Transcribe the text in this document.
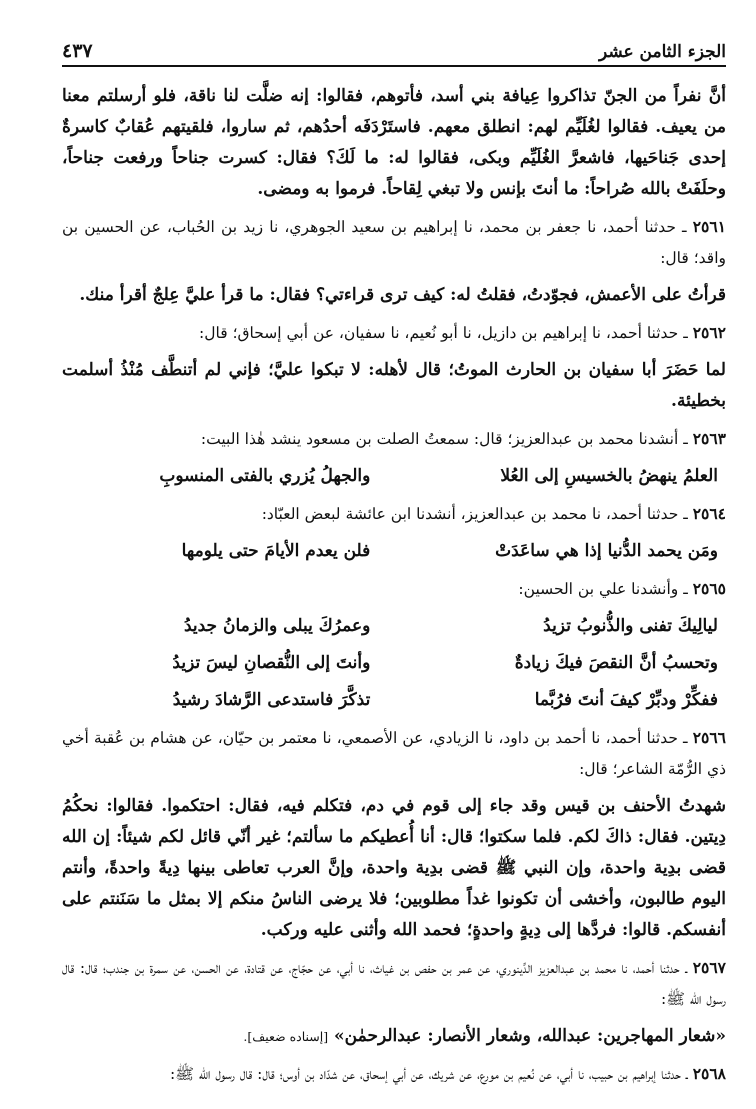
الجزء الثامن عشر
٤٣٧

أنَّ نفراً من الجنّ تذاكروا عِيافة بني أسد، فأتوهم، فقالوا: إنه ضلَّت لنا ناقة، فلو أرسلتم معنا من يعيف. فقالوا لغُلَيِّم لهم: انطلق معهم. فاستَرْدَفَه أحدُهم، ثم ساروا، فلقيتهم عُقابٌ كاسرةٌ إحدى جَناحَيها، فاشعرَّ الغُلَيِّم وبكى، فقالوا له: ما لَكَ؟ فقال: كسرت جناحاً ورفعت جناحاً، وحلَفَتْ بالله صُراحاً: ما أنتَ بإنس ولا تبغي لِقاحاً. فرموا به ومضى.

٢٥٦١ ـ حدثنا أحمد، نا جعفر بن محمد، نا إبراهيم بن سعيد الجوهري، نا زيد بن الحُباب، عن الحسين بن واقد؛ قال:

قرأتُ على الأعمش، فجوّدتُ، فقلتُ له: كيف ترى قراءتي؟ فقال: ما قرأ عليَّ عِلجٌ أقرأ منك.

٢٥٦٢ ـ حدثنا أحمد، نا إبراهيم بن دازيل، نا أبو نُعيم، نا سفيان، عن أبي إسحاق؛ قال:

لما حَضَرَ أبا سفيان بن الحارث الموتُ؛ قال لأهله: لا تبكوا عليَّ؛ فإني لم أتنطَّف مُنْذُ أسلمت بخطيئة.

٢٥٦٣ ـ أنشدنا محمد بن عبدالعزيز؛ قال: سمعتُ الصلت بن مسعود ينشد هٰذا البيت:

العلمُ ينهضُ بالخسيسِ إلى العُلا
والجهلُ يُزري بالفتى المنسوبِ

٢٥٦٤ ـ حدثنا أحمد، نا محمد بن عبدالعزيز، أنشدنا ابن عائشة لبعض العبّاد:

ومَن يحمد الدُّنيا إذا هي ساعَدَتْ
فلن يعدم الأيامَ حتى يلومها

٢٥٦٥ ـ وأنشدنا علي بن الحسين:

ليالِيكَ تفنى والذُّنوبُ تزيدُ
وعمرُكَ يبلى والزمانُ جديدُ
وتحسبُ أنَّ النقصَ فيكَ زيادةٌ
وأنتَ إلى النُّقصانِ ليسَ تزيدُ
ففكِّرْ ودبِّرْ كيفَ أنتَ فرُبَّما
تذكَّرَ فاستدعى الرَّشادَ رشيدُ

٢٥٦٦ ـ حدثنا أحمد، نا أحمد بن داود، نا الزيادي، عن الأصمعي، نا معتمر بن حيّان، عن هشام بن عُقبة أخي ذي الرُّمّة الشاعر؛ قال:

شهدتُ الأحنف بن قيس وقد جاء إلى قوم في دم، فتكلم فيه، فقال: احتكموا. فقالوا: نحكُمُ دِيتين. فقال: ذاكَ لكم. فلما سكتوا؛ قال: أنا أُعطيكم ما سألتم؛ غير أنّي قائل لكم شيئاً: إن الله قضى بدِية واحدة، وإن النبي ﷺ قضى بدِية واحدة، وإنَّ العرب تعاطى بينها دِيةً واحدةً، وأنتم اليوم طالبون، وأخشى أن تكونوا غداً مطلوبين؛ فلا يرضى الناسُ منكم إلا بمثل ما سَنَنتم على أنفسكم. قالوا: فردَّها إلى دِيةٍ واحدةٍ؛ فحمد الله وأثنى عليه وركب.

٢٥٦٧ ـ حدثنا أحمد، نا محمد بن عبدالعزيز الدِّينوري، عن عمر بن حفص بن غياث، نا أبي، عن حجّاج، عن قتادة، عن الحسن، عن سمرة بن جندب؛ قال: قال رسول الله ﷺ:

«شعار المهاجرين: عبدالله، وشعار الأنصار: عبدالرحمٰن» [إسناده ضعيف].

٢٥٦٨ ـ حدثنا إبراهيم بن حبيب، نا أبي، عن نُعيم بن مورع، عن شريك، عن أبي إسحاق، عن شدّاد بن أوس؛ قال: قال رسول الله ﷺ:
